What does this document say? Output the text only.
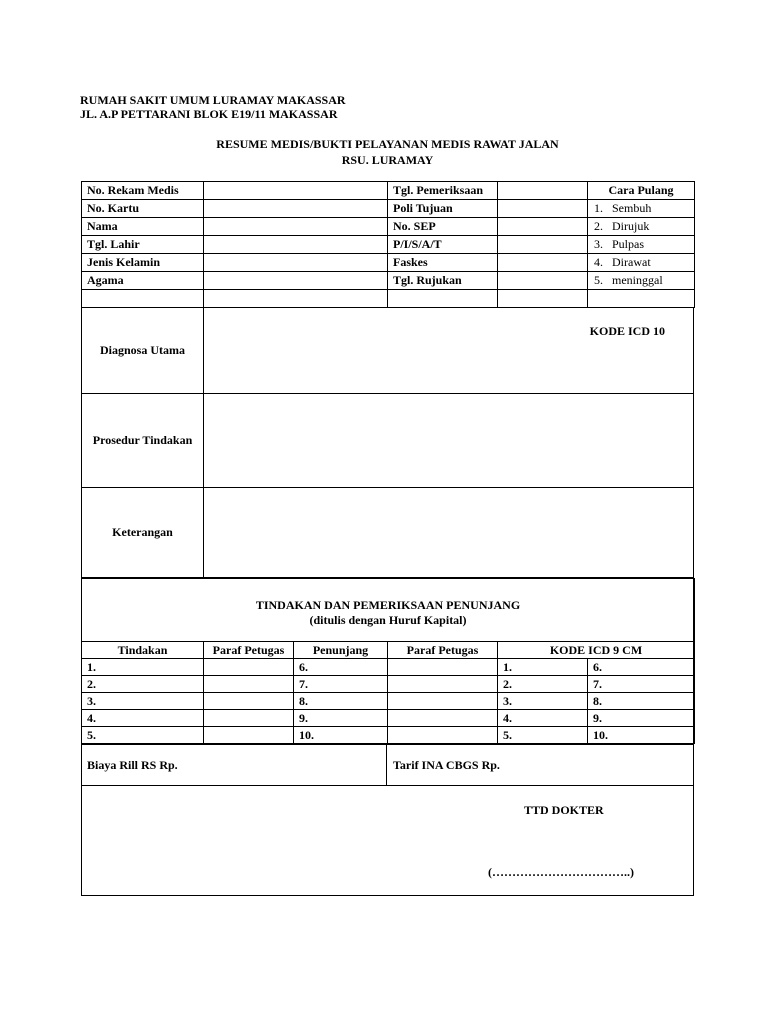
RUMAH SAKIT UMUM LURAMAY MAKASSAR
JL. A.P PETTARANI BLOK E19/11 MAKASSAR
RESUME MEDIS/BUKTI PELAYANAN MEDIS RAWAT JALAN
RSU. LURAMAY
No. Rekam Medis		Tgl. Pemeriksaan		Cara Pulang
No. Kartu		Poli Tujuan		1. Sembuh
Nama		No. SEP		2. Dirujuk
Tgl. Lahir		P/I/S/A/T		3. Pulpas
Jenis Kelamin		Faskes		4. Dirawat
Agama		Tgl. Rujukan		5. meninggal

Diagnosa Utama
KODE ICD 10
Prosedur Tindakan
Keterangan
TINDAKAN DAN PEMERIKSAAN PENUNJANG
(ditulis dengan Huruf Kapital)					

Tindakan	Paraf Petugas	Penunjang	Paraf Petugas	KODE ICD 9 CM	
1.		6.		1.	6.
2.		7.		2.	7.
3.		8.		3.	8.
4.		9.		4.	9.
5.		10.		5.	10.
Biaya Rill RS Rp.	Tarif INA CBGS Rp.
TTD DOKTER
(……………………………..)
